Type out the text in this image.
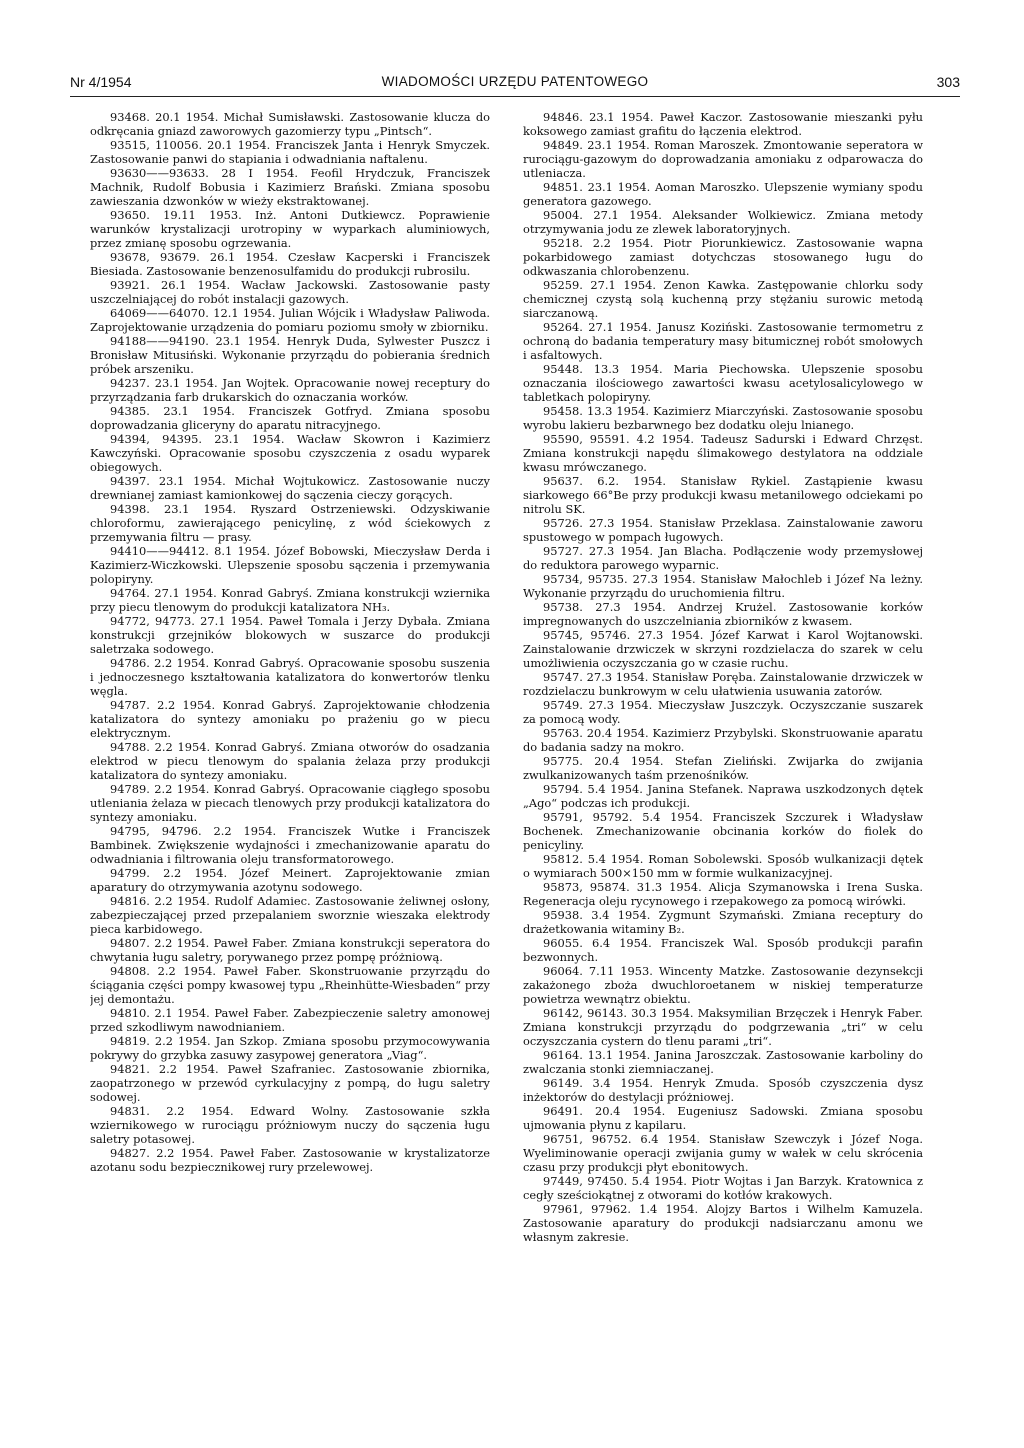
Nr 4/1954	WIADOMOŚCI URZĘDU PATENTOWEGO	303

93468. 20.1 1954. Michał Sumisławski. Zastosowanie klucza do odkręcania gniazd zaworowych gazomierzy typu „Pintsch“.

93515, 110056. 20.1 1954. Franciszek Janta i Henryk Smyczek. Zastosowanie panwi do stapiania i odwadniania naftalenu.

93630——93633. 28 I 1954. Feofil Hrydczuk, Franciszek Machnik, Rudolf Bobusia i Kazimierz Brański. Zmiana sposobu zawieszania dzwonków w wieży ekstraktowanej.

93650. 19.11 1953. Inż. Antoni Dutkiewcz. Poprawienie warunków krystalizacji urotropiny w wyparkach aluminiowych, przez zmianę sposobu ogrzewania.

93678, 93679. 26.1 1954. Czesław Kacperski i Franciszek Biesiada. Zastosowanie benzenosulfamidu do produkcji rubrosilu.

93921. 26.1 1954. Wacław Jackowski. Zastosowanie pasty uszczelniającej do robót instalacji gazowych.

64069——64070. 12.1 1954. Julian Wójcik i Władysław Paliwoda. Zaprojektowanie urządzenia do pomiaru poziomu smoły w zbiorniku.

94188——94190. 23.1 1954. Henryk Duda, Sylwester Puszcz i Bronisław Mitusiński. Wykonanie przyrządu do pobierania średnich próbek arszeniku.

94237. 23.1 1954. Jan Wojtek. Opracowanie nowej receptury do przyrządzania farb drukarskich do oznaczania worków.

94385. 23.1 1954. Franciszek Gotfryd. Zmiana sposobu doprowadzania gliceryny do aparatu nitracyjnego.

94394, 94395. 23.1 1954. Wacław Skowron i Kazimierz Kawczyński. Opracowanie sposobu czyszczenia z osadu wyparek obiegowych.

94397. 23.1 1954. Michał Wojtukowicz. Zastosowanie nuczy drewnianej zamiast kamionkowej do sączenia cieczy gorących.

94398. 23.1 1954. Ryszard Ostrzeniewski. Odzyskiwanie chloroformu, zawierającego penicylinę, z wód ściekowych z przemywania filtru — prasy.

94410——94412. 8.1 1954. Józef Bobowski, Mieczysław Derda i Kazimierz-Wiczkowski. Ulepszenie sposobu sączenia i przemywania polopiryny.

94764. 27.1 1954. Konrad Gabryś. Zmiana konstrukcji wziernika przy piecu tlenowym do produkcji katalizatora NH₃.

94772, 94773. 27.1 1954. Paweł Tomala i Jerzy Dybała. Zmiana konstrukcji grzejników blokowych w suszarce do produkcji saletrzaka sodowego.

94786. 2.2 1954. Konrad Gabryś. Opracowanie sposobu suszenia i jednoczesnego kształtowania katalizatora do konwertorów tlenku węgla.

94787. 2.2 1954. Konrad Gabryś. Zaprojektowanie chłodzenia katalizatora do syntezy amoniaku po prażeniu go w piecu elektrycznym.

94788. 2.2 1954. Konrad Gabryś. Zmiana otworów do osadzania elektrod w piecu tlenowym do spalania żelaza przy produkcji katalizatora do syntezy amoniaku.

94789. 2.2 1954. Konrad Gabryś. Opracowanie ciągłego sposobu utleniania żelaza w piecach tlenowych przy produkcji katalizatora do syntezy amoniaku.

94795, 94796. 2.2 1954. Franciszek Wutke i Franciszek Bambinek. Zwiększenie wydajności i zmechanizowanie aparatu do odwadniania i filtrowania oleju transformatorowego.

94799. 2.2 1954. Józef Meinert. Zaprojektowanie zmian aparatury do otrzymywania azotynu sodowego.

94816. 2.2 1954. Rudolf Adamiec. Zastosowanie żeliwnej osłony, zabezpieczającej przed przepalaniem sworznie wieszaka elektrody pieca karbidowego.

94807. 2.2 1954. Paweł Faber. Zmiana konstrukcji seperatora do chwytania ługu saletry, porywanego przez pompę próżniową.

94808. 2.2 1954. Paweł Faber. Skonstruowanie przyrządu do ściągania części pompy kwasowej typu „Rheinhütte-Wiesbaden“ przy jej demontażu.

94810. 2.1 1954. Paweł Faber. Zabezpieczenie saletry amonowej przed szkodliwym nawodnianiem.

94819. 2.2 1954. Jan Szkop. Zmiana sposobu przymocowywania pokrywy do grzybka zasuwy zasypowej generatora „Viag“.

94821. 2.2 1954. Paweł Szafraniec. Zastosowanie zbiornika, zaopatrzonego w przewód cyrkulacyjny z pompą, do ługu saletry sodowej.

94831. 2.2 1954. Edward Wolny. Zastosowanie szkła wziernikowego w rurociągu próżniowym nuczy do sączenia ługu saletry potasowej.

94827. 2.2 1954. Paweł Faber. Zastosowanie w krystalizatorze azotanu sodu bezpiecznikowej rury przelewowej.

94846. 23.1 1954. Paweł Kaczor. Zastosowanie mieszanki pyłu koksowego zamiast grafitu do łączenia elektrod.

94849. 23.1 1954. Roman Maroszek. Zmontowanie seperatora w rurociągu-gazowym do doprowadzania amoniaku z odparowacza do utleniacza.

94851. 23.1 1954. Aoman Maroszko. Ulepszenie wymiany spodu generatora gazowego.

95004. 27.1 1954. Aleksander Wolkiewicz. Zmiana metody otrzymywania jodu ze zlewek laboratoryjnych.

95218. 2.2 1954. Piotr Piorunkiewicz. Zastosowanie wapna pokarbidowego zamiast dotychczas stosowanego ługu do odkwaszania chlorobenzenu.

95259. 27.1 1954. Zenon Kawka. Zastępowanie chlorku sody chemicznej czystą solą kuchenną przy stężaniu surowic metodą siarczanową.

95264. 27.1 1954. Janusz Koziński. Zastosowanie termometru z ochroną do badania temperatury masy bitumicznej robót smołowych i asfaltowych.

95448. 13.3 1954. Maria Piechowska. Ulepszenie sposobu oznaczania ilościowego zawartości kwasu acetylosalicylowego w tabletkach polopiryny.

95458. 13.3 1954. Kazimierz Miarczyński. Zastosowanie sposobu wyrobu lakieru bezbarwnego bez dodatku oleju lnianego.

95590, 95591. 4.2 1954. Tadeusz Sadurski i Edward Chrzęst. Zmiana konstrukcji napędu ślimakowego destylatora na oddziale kwasu mrówczanego.

95637. 6.2. 1954. Stanisław Rykiel. Zastąpienie kwasu siarkowego 66°Be przy produkcji kwasu metanilowego odciekami po nitrolu SK.

95726. 27.3 1954. Stanisław Przeklasa. Zainstalowanie zaworu spustowego w pompach ługowych.

95727. 27.3 1954. Jan Blacha. Podłączenie wody przemysłowej do reduktora parowego wyparnic.

95734, 95735. 27.3 1954. Stanisław Małochleb i Józef Na leżny. Wykonanie przyrządu do uruchomienia filtru.

95738. 27.3 1954. Andrzej Krużel. Zastosowanie korków impregnowanych do uszczelniania zbiorników z kwasem.

95745, 95746. 27.3 1954. Józef Karwat i Karol Wojtanowski. Zainstalowanie drzwiczek w skrzyni rozdzielacza do szarek w celu umożliwienia oczyszczania go w czasie ruchu.

95747. 27.3 1954. Stanisław Poręba. Zainstalowanie drzwiczek w rozdzielaczu bunkrowym w celu ułatwienia usuwania zatorów.

95749. 27.3 1954. Mieczysław Juszczyk. Oczyszczanie suszarek za pomocą wody.

95763. 20.4 1954. Kazimierz Przybylski. Skonstruowanie aparatu do badania sadzy na mokro.

95775. 20.4 1954. Stefan Zieliński. Zwijarka do zwijania zwulkanizowanych taśm przenośników.

95794. 5.4 1954. Janina Stefanek. Naprawa uszkodzonych dętek „Ago“ podczas ich produkcji.

95791, 95792. 5.4 1954. Franciszek Szczurek i Władysław Bochenek. Zmechanizowanie obcinania korków do fiolek do penicyliny.

95812. 5.4 1954. Roman Sobolewski. Sposób wulkanizacji dętek o wymiarach 500×150 mm w formie wulkanizacyjnej.

95873, 95874. 31.3 1954. Alicja Szymanowska i Irena Suska. Regeneracja oleju rycynowego i rzepakowego za pomocą wirówki.

95938. 3.4 1954. Zygmunt Szymański. Zmiana receptury do drażetkowania witaminy B₂.

96055. 6.4 1954. Franciszek Wal. Sposób produkcji parafin bezwonnych.

96064. 7.11 1953. Wincenty Matzke. Zastosowanie dezynsekcji zakażonego zboża dwuchloroetanem w niskiej temperaturze powietrza wewnątrz obiektu.

96142, 96143. 30.3 1954. Maksymilian Brzęczek i Henryk Faber. Zmiana konstrukcji przyrządu do podgrzewania „tri“ w celu oczyszczania cystern do tlenu parami „tri“.

96164. 13.1 1954. Janina Jaroszczak. Zastosowanie karboliny do zwalczania stonki ziemniaczanej.

96149. 3.4 1954. Henryk Zmuda. Sposób czyszczenia dysz inżektorów do destylacji próżniowej.

96491. 20.4 1954. Eugeniusz Sadowski. Zmiana sposobu ujmowania płynu z kapilaru.

96751, 96752. 6.4 1954. Stanisław Szewczyk i Józef Noga. Wyeliminowanie operacji zwijania gumy w wałek w celu skrócenia czasu przy produkcji płyt ebonitowych.

97449, 97450. 5.4 1954. Piotr Wojtas i Jan Barzyk. Kratownica z cegły sześciokątnej z otworami do kotłów krakowych.

97961, 97962. 1.4 1954. Alojzy Bartos i Wilhelm Kamuzela. Zastosowanie aparatury do produkcji nadsiarczanu amonu we własnym zakresie.
